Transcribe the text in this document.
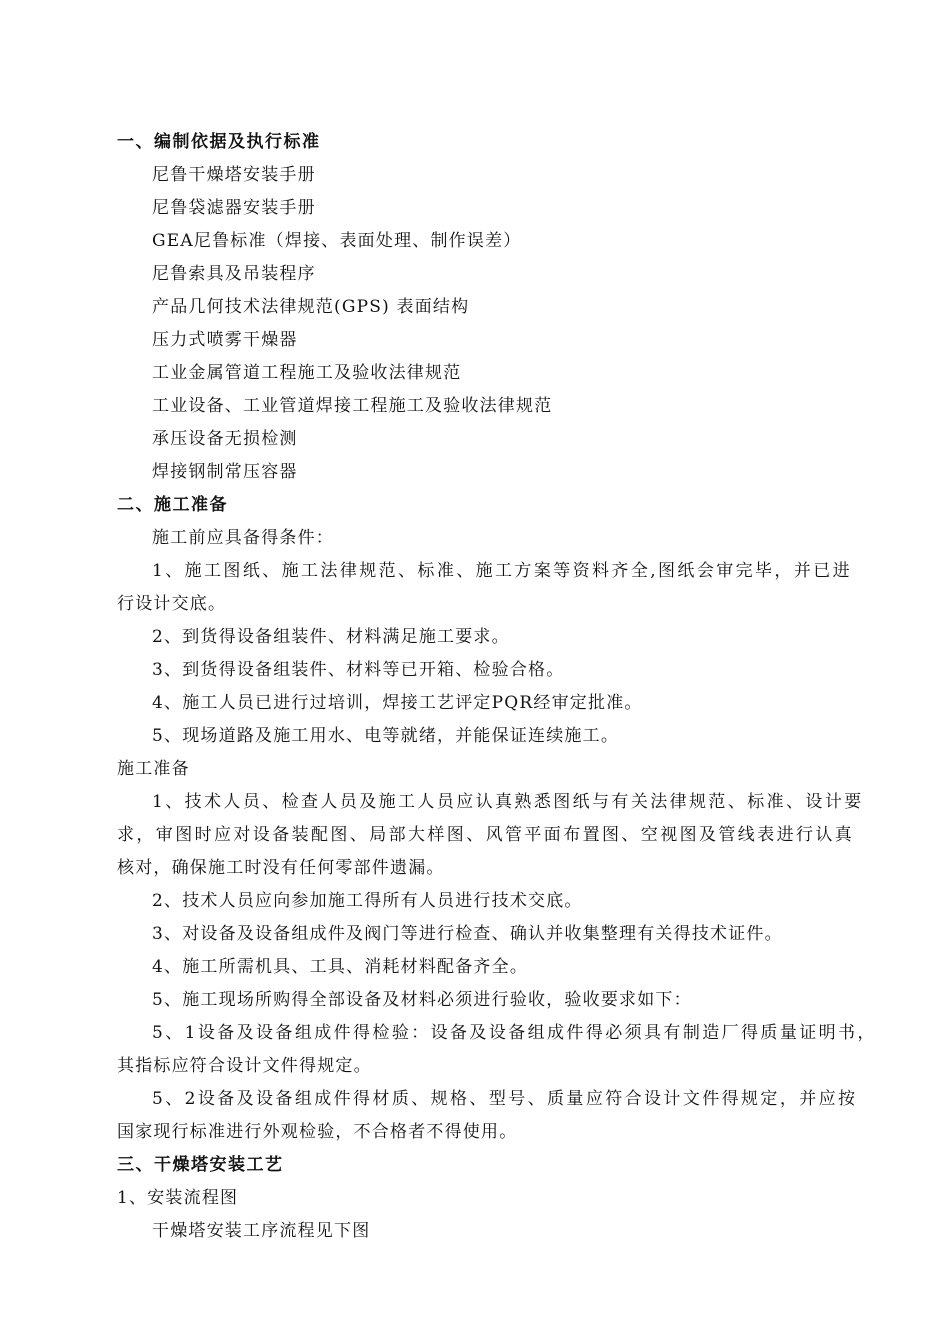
一、编制依据及执行标准
尼鲁干燥塔安装手册
尼鲁袋滤器安装手册
GEA尼鲁标准（焊接、表面处理、制作误差）
尼鲁索具及吊装程序
产品几何技术法律规范(GPS) 表面结构
压力式喷雾干燥器
工业金属管道工程施工及验收法律规范
工业设备、工业管道焊接工程施工及验收法律规范
承压设备无损检测
焊接钢制常压容器
二、施工准备
施工前应具备得条件：
1、施工图纸、施工法律规范、标准、施工方案等资料齐全,图纸会审完毕，并已进
行设计交底。
2、到货得设备组装件、材料满足施工要求。
3、到货得设备组装件、材料等已开箱、检验合格。
4、施工人员已进行过培训，焊接工艺评定PQR经审定批准。
5、现场道路及施工用水、电等就绪，并能保证连续施工。
施工准备
1、技术人员、检查人员及施工人员应认真熟悉图纸与有关法律规范、标准、设计要
求，审图时应对设备装配图、局部大样图、风管平面布置图、空视图及管线表进行认真
核对，确保施工时没有任何零部件遗漏。
2、技术人员应向参加施工得所有人员进行技术交底。
3、对设备及设备组成件及阀门等进行检查、确认并收集整理有关得技术证件。
4、施工所需机具、工具、消耗材料配备齐全。
5、施工现场所购得全部设备及材料必须进行验收，验收要求如下：
5、1设备及设备组成件得检验：设备及设备组成件得必须具有制造厂得质量证明书，
其指标应符合设计文件得规定。
5、2设备及设备组成件得材质、规格、型号、质量应符合设计文件得规定，并应按
国家现行标准进行外观检验，不合格者不得使用。
三、干燥塔安装工艺
1、安装流程图
干燥塔安装工序流程见下图
